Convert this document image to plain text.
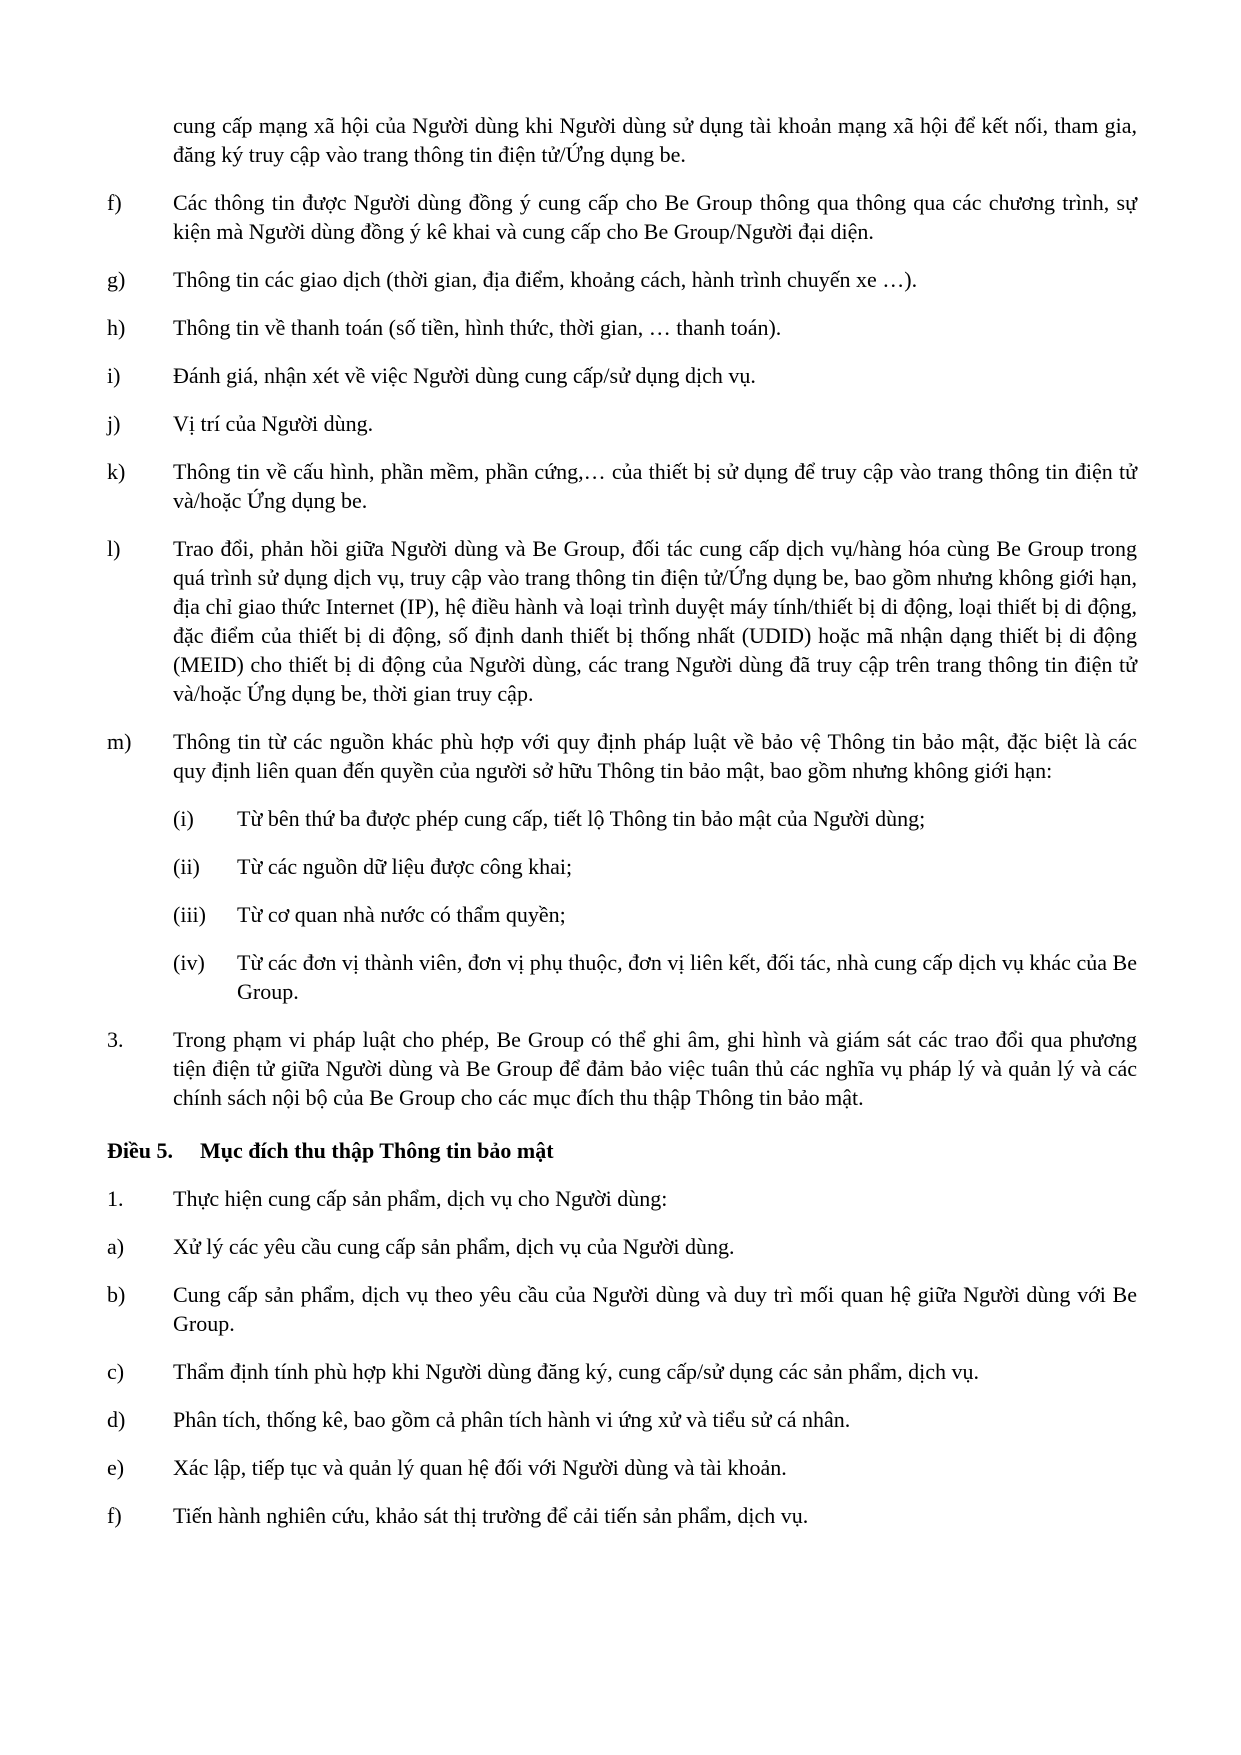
cung cấp mạng xã hội của Người dùng khi Người dùng sử dụng tài khoản mạng xã hội để kết nối, tham gia, đăng ký truy cập vào trang thông tin điện tử/Ứng dụng be.
f)	Các thông tin được Người dùng đồng ý cung cấp cho Be Group thông qua thông qua các chương trình, sự kiện mà Người dùng đồng ý kê khai và cung cấp cho Be Group/Người đại diện.
g)	Thông tin các giao dịch (thời gian, địa điểm, khoảng cách, hành trình chuyến xe …).
h)	Thông tin về thanh toán (số tiền, hình thức, thời gian, … thanh toán).
i)	Đánh giá, nhận xét về việc Người dùng cung cấp/sử dụng dịch vụ.
j)	Vị trí của Người dùng.
k)	Thông tin về cấu hình, phần mềm, phần cứng,… của thiết bị sử dụng để truy cập vào trang thông tin điện tử và/hoặc Ứng dụng be.
l)	Trao đổi, phản hồi giữa Người dùng và Be Group, đối tác cung cấp dịch vụ/hàng hóa cùng Be Group trong quá trình sử dụng dịch vụ, truy cập vào trang thông tin điện tử/Ứng dụng be, bao gồm nhưng không giới hạn, địa chỉ giao thức Internet (IP), hệ điều hành và loại trình duyệt máy tính/thiết bị di động, loại thiết bị di động, đặc điểm của thiết bị di động, số định danh thiết bị thống nhất (UDID) hoặc mã nhận dạng thiết bị di động (MEID) cho thiết bị di động của Người dùng, các trang Người dùng đã truy cập trên trang thông tin điện tử và/hoặc Ứng dụng be, thời gian truy cập.
m)	Thông tin từ các nguồn khác phù hợp với quy định pháp luật về bảo vệ Thông tin bảo mật, đặc biệt là các quy định liên quan đến quyền của người sở hữu Thông tin bảo mật, bao gồm nhưng không giới hạn:
(i)	Từ bên thứ ba được phép cung cấp, tiết lộ Thông tin bảo mật của Người dùng;
(ii)	Từ các nguồn dữ liệu được công khai;
(iii)	Từ cơ quan nhà nước có thẩm quyền;
(iv)	Từ các đơn vị thành viên, đơn vị phụ thuộc, đơn vị liên kết, đối tác, nhà cung cấp dịch vụ khác của Be Group.
3.	Trong phạm vi pháp luật cho phép, Be Group có thể ghi âm, ghi hình và giám sát các trao đổi qua phương tiện điện tử giữa Người dùng và Be Group để đảm bảo việc tuân thủ các nghĩa vụ pháp lý và quản lý và các chính sách nội bộ của Be Group cho các mục đích thu thập Thông tin bảo mật.
Điều 5.	Mục đích thu thập Thông tin bảo mật
1.	Thực hiện cung cấp sản phẩm, dịch vụ cho Người dùng:
a)	Xử lý các yêu cầu cung cấp sản phẩm, dịch vụ của Người dùng.
b)	Cung cấp sản phẩm, dịch vụ theo yêu cầu của Người dùng và duy trì mối quan hệ giữa Người dùng với Be Group.
c)	Thẩm định tính phù hợp khi Người dùng đăng ký, cung cấp/sử dụng các sản phẩm, dịch vụ.
d)	Phân tích, thống kê, bao gồm cả phân tích hành vi ứng xử và tiểu sử cá nhân.
e)	Xác lập, tiếp tục và quản lý quan hệ đối với Người dùng và tài khoản.
f)	Tiến hành nghiên cứu, khảo sát thị trường để cải tiến sản phẩm, dịch vụ.
